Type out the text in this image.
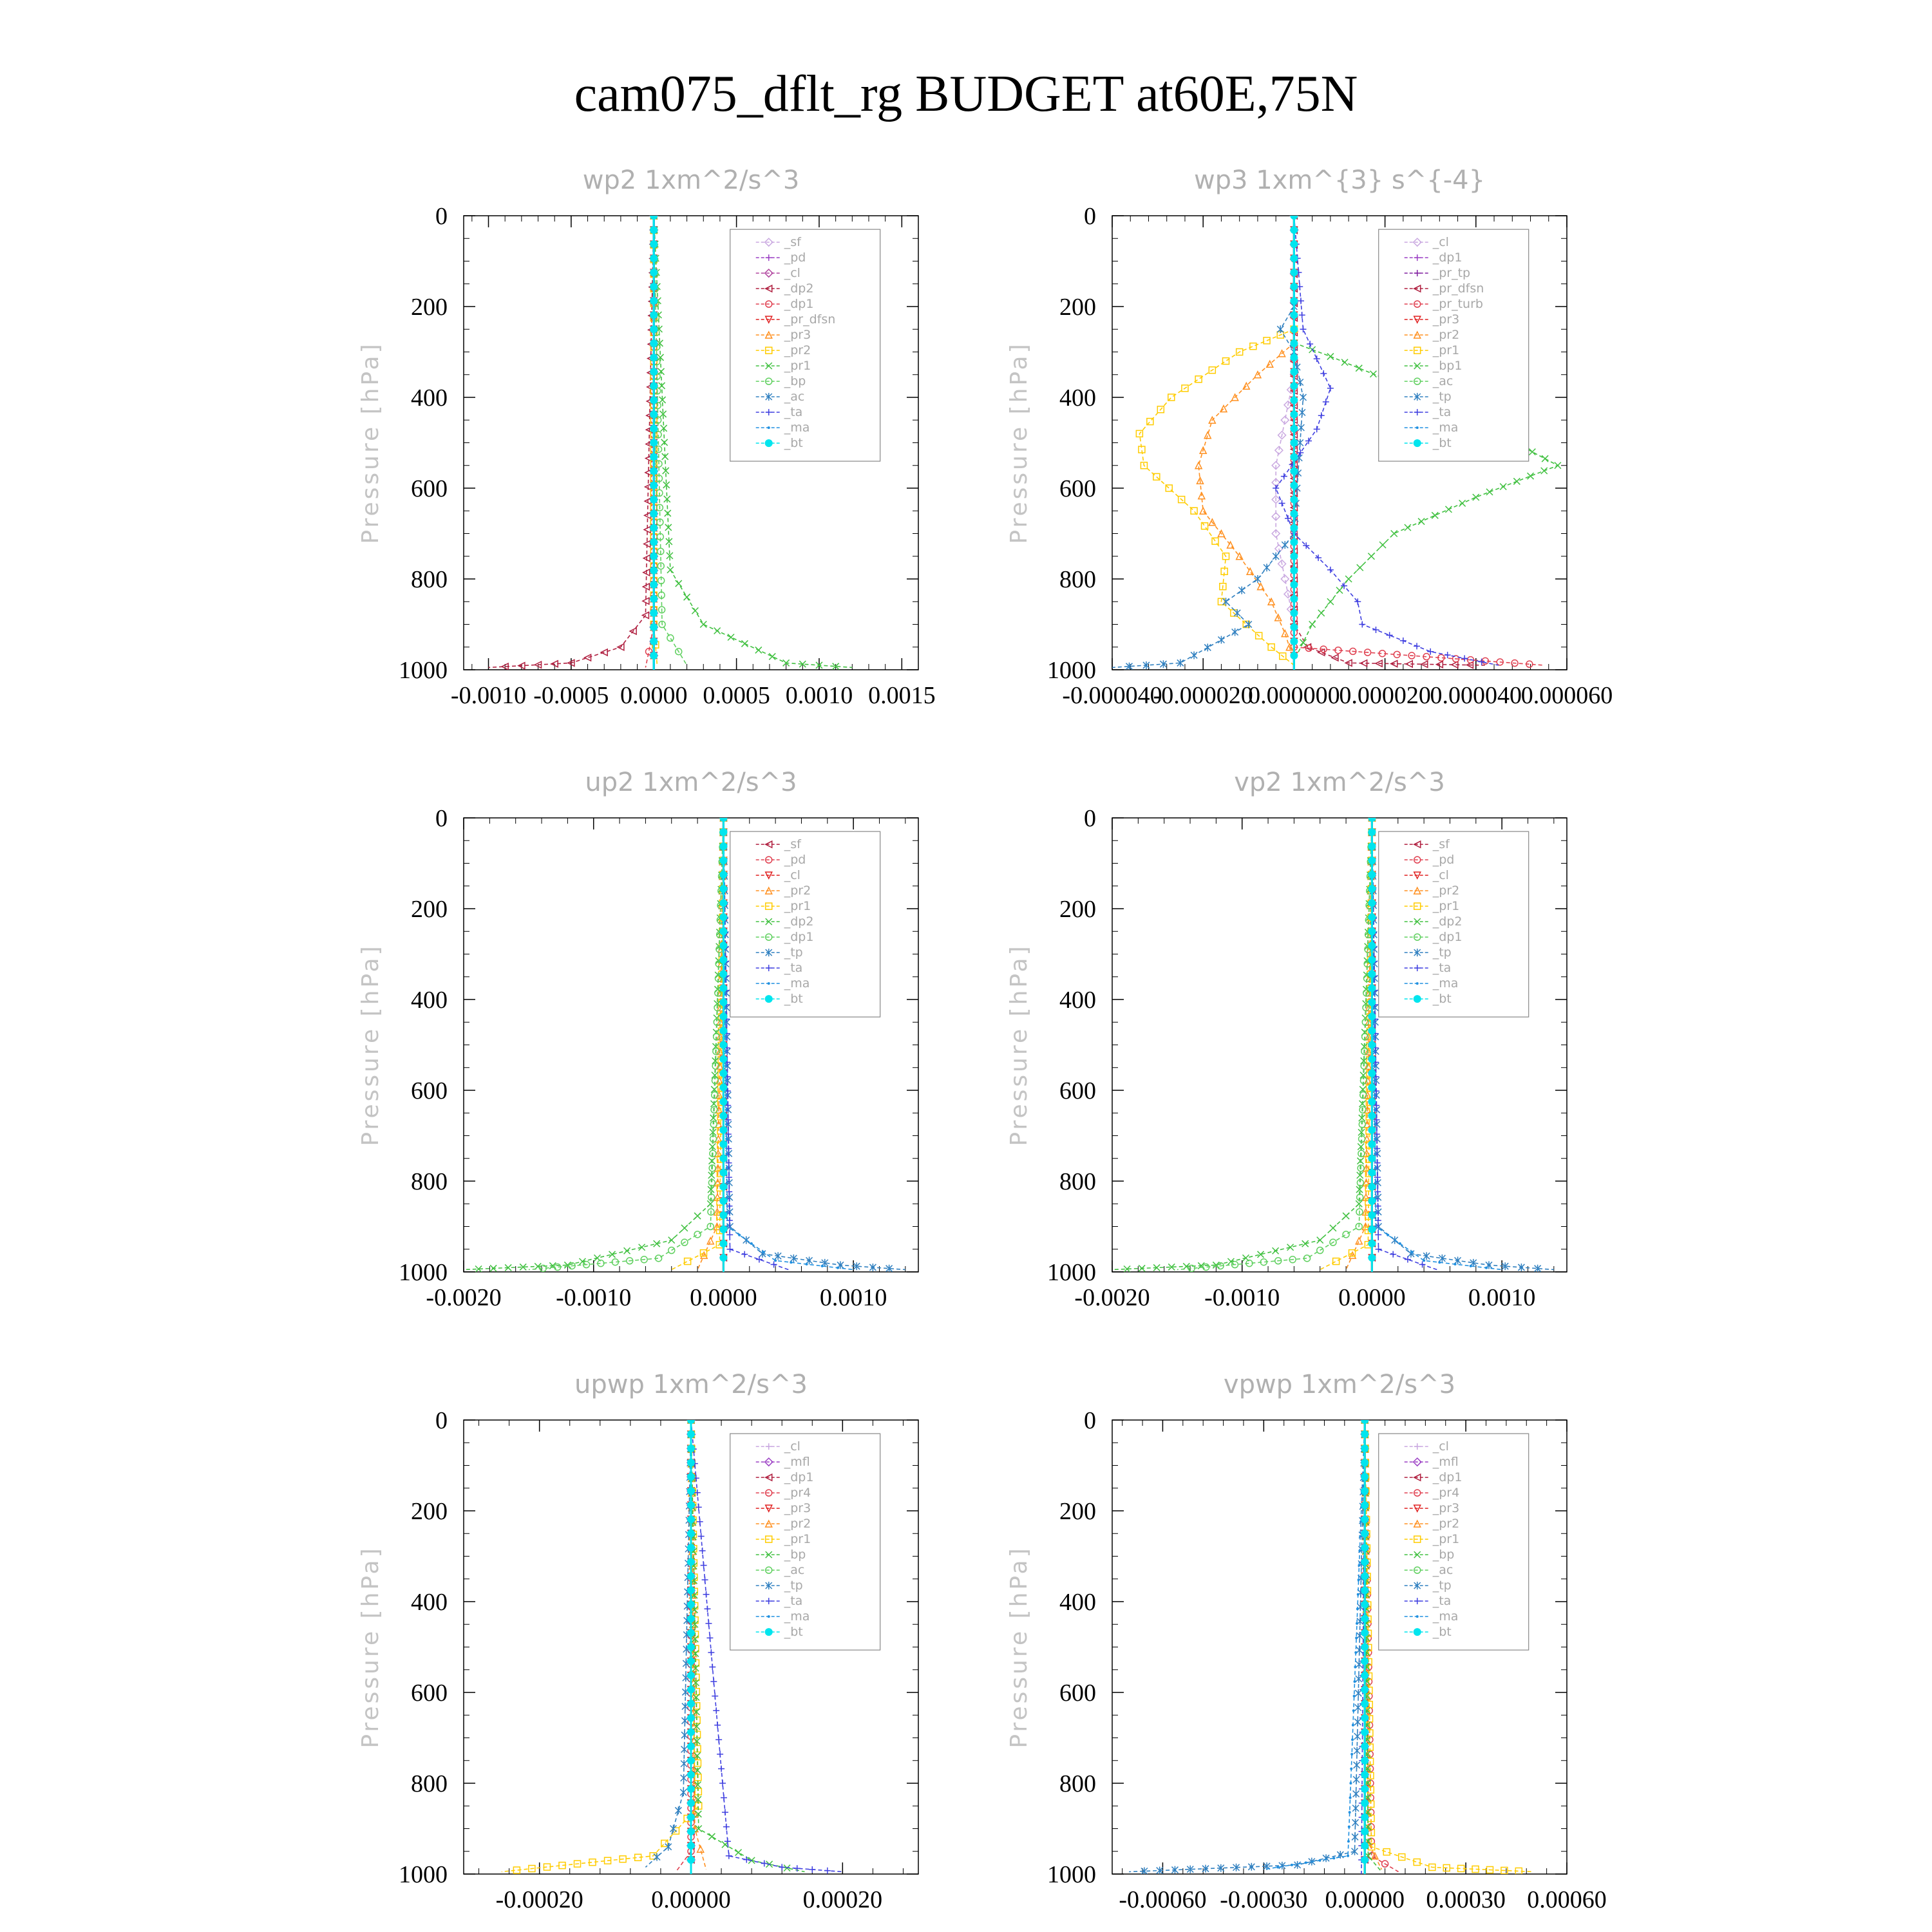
cam075_dflt_rg BUDGET at60E,75N
wp2 1xm^2/s^3
Pressure [hPa]
0
200
400
600
800
1000
-0.0010 -0.0005 0.0000 0.0005 0.0010 0.0015
_sf
_pd
_cl
_dp2
_dp1
_pr_dfsn
_pr3
_pr2
_pr1
_bp
_ac
_ta
_ma
_bt
wp3 1xm^{3} s^{-4}
Pressure [hPa]
0
200
400
600
800
1000
-0.000040
-0.000020
0.000000
0.000020
0.000040
0.000060
_cl
_dp1
_pr_tp
_pr_dfsn
_pr_turb
_pr3
_pr2
_pr1
_bp1
_ac
_tp
_ta
_ma
_bt
up2 1xm^2/s^3
Pressure [hPa]
0
200
400
600
800
1000
-0.0020 -0.0010 0.0000	0.0010
_sf
_pd
_cl
_pr2
_pr1
_dp2
_dp1
_tp
_ta
_ma
_bt
vp2 1xm^2/s^3
Pressure [hPa]
0
200
400
600
800
1000
-0.0020 -0.0010 0.0000	0.0010
_sf
_pd
_cl
_pr2
_pr1
_dp2
_dp1
_tp
_ta
_ma
_bt
upwp 1xm^2/s^3
Pressure [hPa]
0
200
400
600
800
1000
-0.00020	0.00000	0.00020
_cl
_mfl
_dp1
_pr4
_pr3
_pr2
_pr1
_bp
_ac
_tp
_ta
_ma
_bt
vpwp 1xm^2/s^3
Pressure [hPa]
0
200
400
600
800
1000
-0.00060 -0.00030 0.00000 0.00030 0.00060
_cl
_mfl
_dp1
_pr4
_pr3
_pr2
_pr1
_bp
_ac
_tp
_ta
_ma
_bt
